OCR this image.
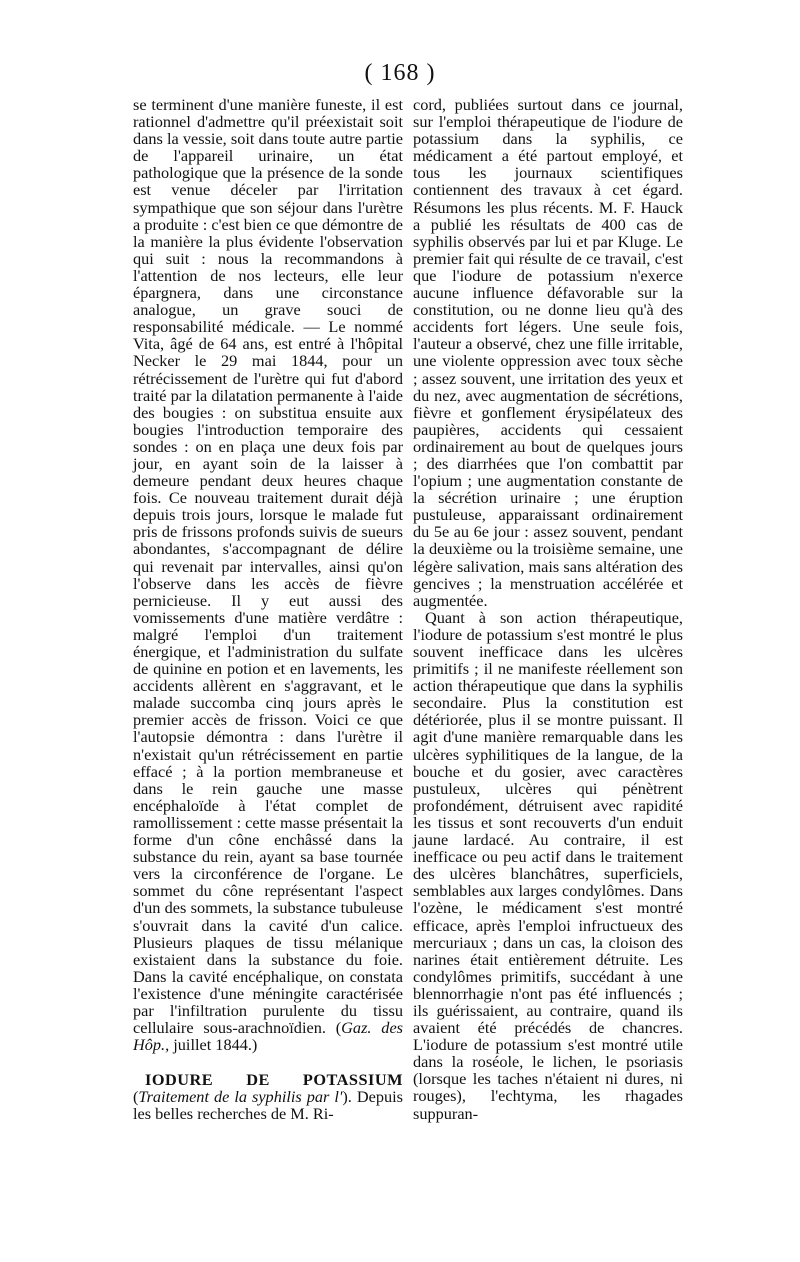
( 168 )

se terminent d'une manière funeste, il est rationnel d'admettre qu'il préexistait soit dans la vessie, soit dans toute autre partie de l'appareil urinaire, un état pathologique que la présence de la sonde est venue déceler par l'irritation sympathique que son séjour dans l'urètre a produite : c'est bien ce que démontre de la manière la plus évidente l'observation qui suit : nous la recommandons à l'attention de nos lecteurs, elle leur épargnera, dans une circonstance analogue, un grave souci de responsabilité médicale. — Le nommé Vita, âgé de 64 ans, est entré à l'hôpital Necker le 29 mai 1844, pour un rétrécissement de l'urètre qui fut d'abord traité par la dilatation permanente à l'aide des bougies : on substitua ensuite aux bougies l'introduction temporaire des sondes : on en plaça une deux fois par jour, en ayant soin de la laisser à demeure pendant deux heures chaque fois. Ce nouveau traitement durait déjà depuis trois jours, lorsque le malade fut pris de frissons profonds suivis de sueurs abondantes, s'accompagnant de délire qui revenait par intervalles, ainsi qu'on l'observe dans les accès de fièvre pernicieuse. Il y eut aussi des vomissements d'une matière verdâtre : malgré l'emploi d'un traitement énergique, et l'administration du sulfate de quinine en potion et en lavements, les accidents allèrent en s'aggravant, et le malade succomba cinq jours après le premier accès de frisson. Voici ce que l'autopsie démontra : dans l'urètre il n'existait qu'un rétrécissement en partie effacé ; à la portion membraneuse et dans le rein gauche une masse encéphaloïde à l'état complet de ramollissement : cette masse présentait la forme d'un cône enchâssé dans la substance du rein, ayant sa base tournée vers la circonférence de l'organe. Le sommet du cône représentant l'aspect d'un des sommets, la substance tubuleuse s'ouvrait dans la cavité d'un calice. Plusieurs plaques de tissu mélanique existaient dans la substance du foie. Dans la cavité encéphalique, on constata l'existence d'une méningite caractérisée par l'infiltration purulente du tissu cellulaire sous-arachnoïdien. (Gaz. des Hôp., juillet 1844.)

IODURE DE POTASSIUM (Traitement de la syphilis par l'). Depuis les belles recherches de M. Ri-

cord, publiées surtout dans ce journal, sur l'emploi thérapeutique de l'iodure de potassium dans la syphilis, ce médicament a été partout employé, et tous les journaux scientifiques contiennent des travaux à cet égard. Résumons les plus récents. M. F. Hauck a publié les résultats de 400 cas de syphilis observés par lui et par Kluge. Le premier fait qui résulte de ce travail, c'est que l'iodure de potassium n'exerce aucune influence défavorable sur la constitution, ou ne donne lieu qu'à des accidents fort légers. Une seule fois, l'auteur a observé, chez une fille irritable, une violente oppression avec toux sèche ; assez souvent, une irritation des yeux et du nez, avec augmentation de sécrétions, fièvre et gonflement érysipélateux des paupières, accidents qui cessaient ordinairement au bout de quelques jours ; des diarrhées que l'on combattit par l'opium ; une augmentation constante de la sécrétion urinaire ; une éruption pustuleuse, apparaissant ordinairement du 5e au 6e jour : assez souvent, pendant la deuxième ou la troisième semaine, une légère salivation, mais sans altération des gencives ; la menstruation accélérée et augmentée.

Quant à son action thérapeutique, l'iodure de potassium s'est montré le plus souvent inefficace dans les ulcères primitifs ; il ne manifeste réellement son action thérapeutique que dans la syphilis secondaire. Plus la constitution est détériorée, plus il se montre puissant. Il agit d'une manière remarquable dans les ulcères syphilitiques de la langue, de la bouche et du gosier, avec caractères pustuleux, ulcères qui pénètrent profondément, détruisent avec rapidité les tissus et sont recouverts d'un enduit jaune lardacé. Au contraire, il est inefficace ou peu actif dans le traitement des ulcères blanchâtres, superficiels, semblables aux larges condylômes. Dans l'ozène, le médicament s'est montré efficace, après l'emploi infructueux des mercuriaux ; dans un cas, la cloison des narines était entièrement détruite. Les condylômes primitifs, succédant à une blennorrhagie n'ont pas été influencés ; ils guérissaient, au contraire, quand ils avaient été précédés de chancres. L'iodure de potassium s'est montré utile dans la roséole, le lichen, le psoriasis (lorsque les taches n'étaient ni dures, ni rouges), l'echtyma, les rhagades suppuran-
